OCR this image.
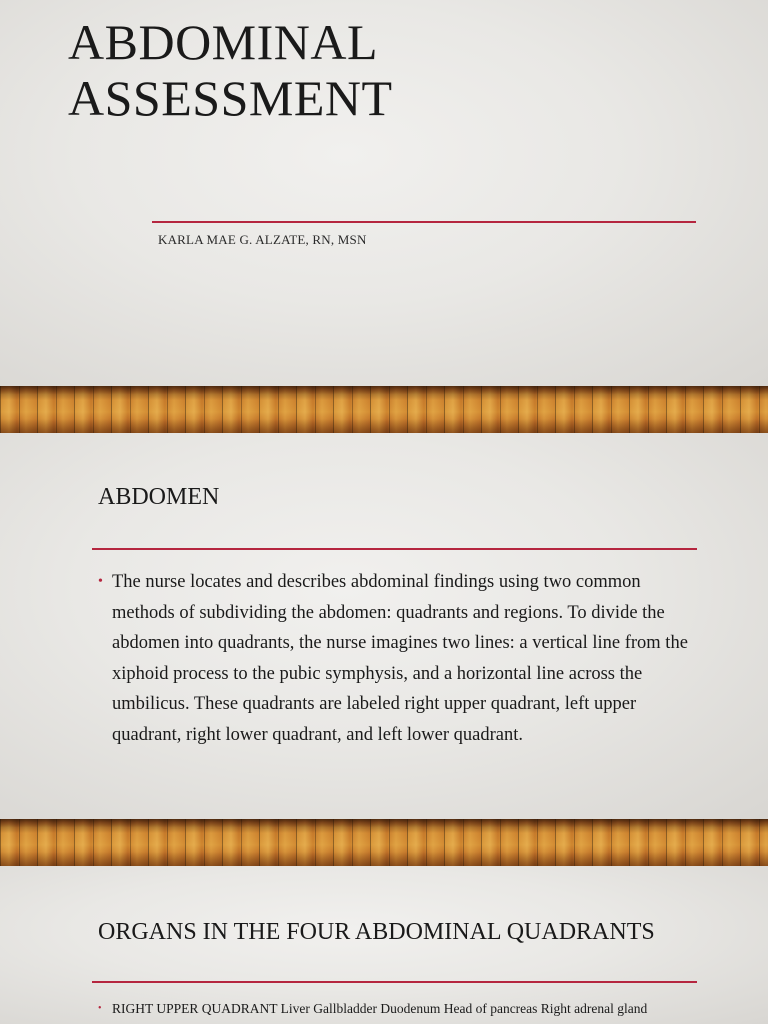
ABDOMINAL
ASSESSMENT

KARLA MAE G. ALZATE, RN, MSN

ABDOMEN
• The nurse locates and describes abdominal findings using two common methods of subdividing the abdomen: quadrants and regions. To divide the abdomen into quadrants, the nurse imagines two lines: a vertical line from the xiphoid process to the pubic symphysis, and a horizontal line across the umbilicus. These quadrants are labeled right upper quadrant, left upper quadrant, right lower quadrant, and left lower quadrant.
ORGANS IN THE FOUR ABDOMINAL QUADRANTS
• RIGHT UPPER QUADRANT Liver Gallbladder Duodenum Head of pancreas Right adrenal gland
